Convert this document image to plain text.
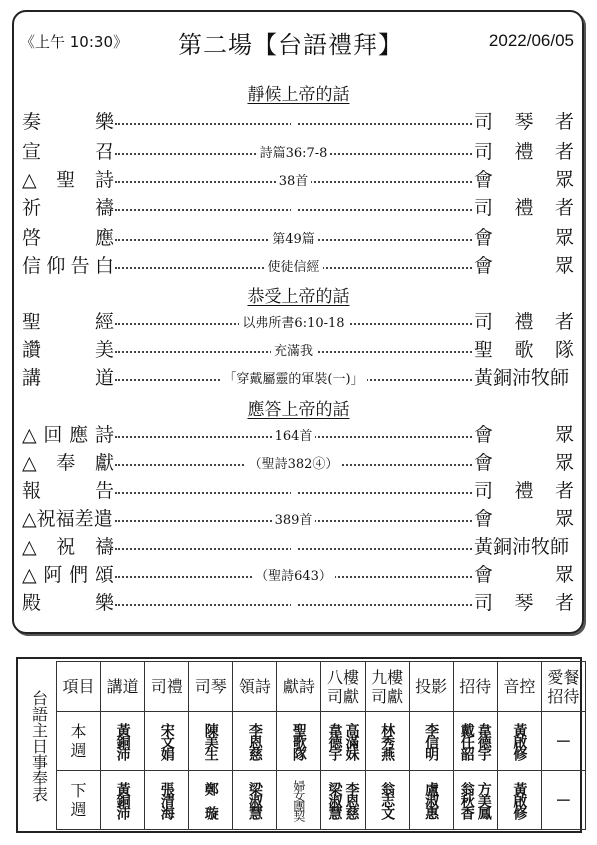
《上午 10:30》 第二場【台語禮拜】	2022/06/05
靜候上帝的話
奏	樂	司 琴 者
宣	召	詩篇36:7-8	司 禮 者
△ 聖 詩	38首	會	眾
祈	禱	司 禮 者
啓	應	第49篇	會	眾
信 仰 告 白	使徒信經	會	眾
恭受上帝的話
聖	經	以弗所書6:10-18	司 禮 者
讚	美	充滿我	聖 歌 隊
講	道	「穿戴屬靈的軍裝(一)」	黃 銅 沛 牧 師
應答上帝的話
△ 回 應 詩	164首	會	眾
△ 奉 獻	（聖詩382④）	會	眾
報	告	司 禮 者
△ 祝 福 差 遣	389首	會	眾
△ 祝 禱	黃 銅 沛 牧 師
△ 阿 們 頌	（聖詩643）	會	眾
殿	樂	司 琴 者
台語主日事奉表	項目	講道	司禮	司琴	領詩	獻詩	八樓司獻	九樓司獻	投影	招待	音控	愛餐招待
	本週	黃銅沛	宋文娟	陳美生	李恩慈	聖歌隊	韋德宇 高滿妹	林秀燕	李信明	戴任韶 韋德宇	黃啟修	－

	下週	黃銅沛	張清海	鄭　璇	梁淑慧	婦女團契	梁淑慧 李恩慈	翁志文	盧淑惠	翁秋香 方美鳳	黃啟修	－
